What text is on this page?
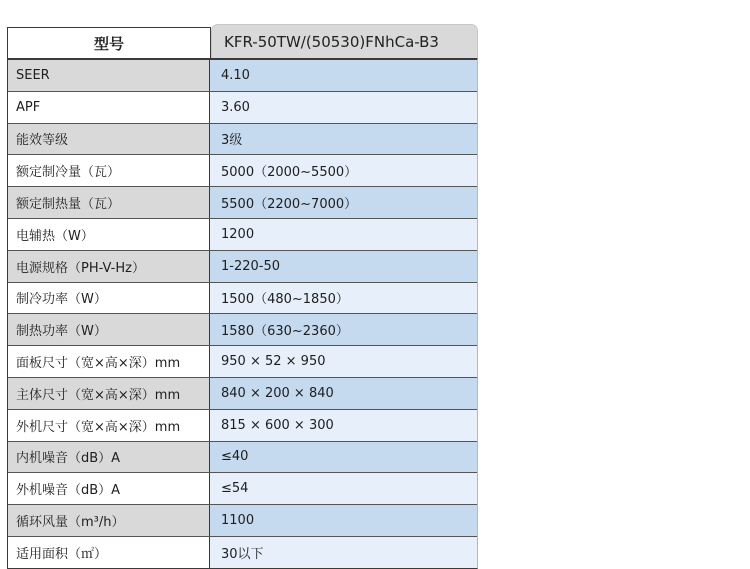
型号	KFR-50TW/(50530)FNhCa-B3
SEER	4.10
APF	3.60
能效等级	3级
额定制冷量（瓦）	5000（2000~5500）
额定制热量（瓦）	5500（2200~7000）
电辅热（W）	1200
电源规格（PH-V-Hz）	1-220-50
制冷功率（W）	1500（480~1850）
制热功率（W）	1580（630~2360）
面板尺寸（宽×高×深）mm	950 × 52 × 950
主体尺寸（宽×高×深）mm	840 × 200 × 840
外机尺寸（宽×高×深）mm	815 × 600 × 300
内机噪音（dB）A	≤40
外机噪音（dB）A	≤54
循环风量（m³/h）	1100
适用面积（㎡）	30以下
